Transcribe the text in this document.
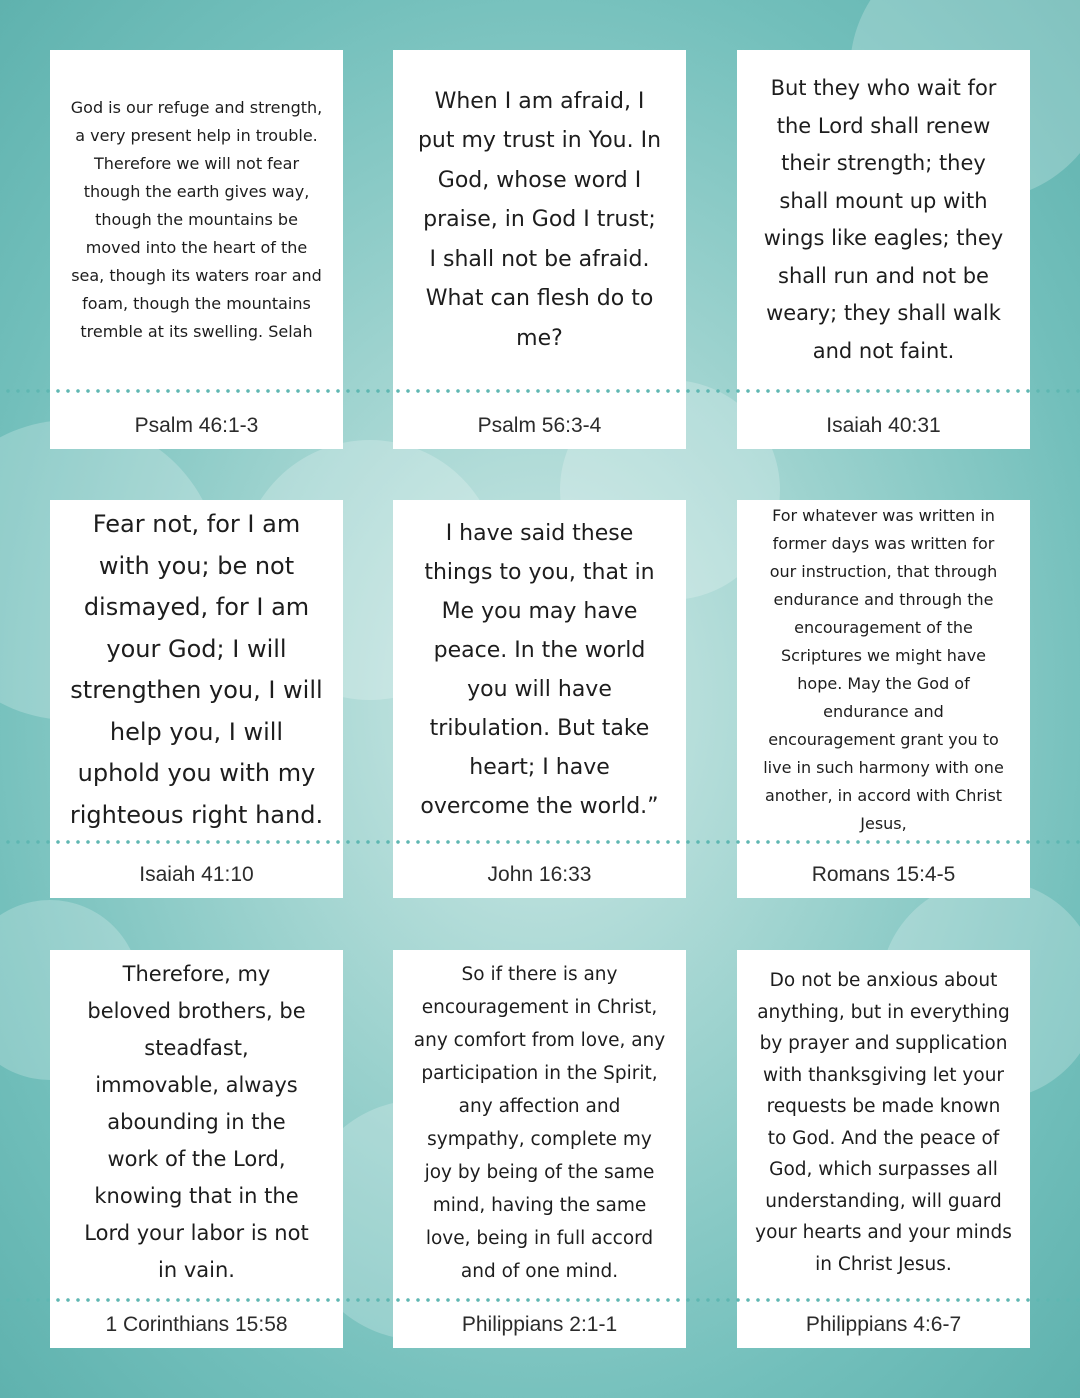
God is our refuge and strength, a very present help in trouble. Therefore we will not fear though the earth gives way, though the mountains be moved into the heart of the sea, though its waters roar and foam, though the mountains tremble at its swelling. Selah
Psalm 46:1-3
When I am afraid, I put my trust in You. In God, whose word I praise, in God I trust; I shall not be afraid. What can flesh do to me?
Psalm 56:3-4
But they who wait for the Lord shall renew their strength; they shall mount up with wings like eagles; they shall run and not be weary; they shall walk and not faint.
Isaiah 40:31
Fear not, for I am with you; be not dismayed, for I am your God; I will strengthen you, I will help you, I will uphold you with my righteous right hand.
Isaiah 41:10
I have said these things to you, that in Me you may have peace. In the world you will have tribulation. But take heart; I have overcome the world.”
John 16:33
For whatever was written in former days was written for our instruction, that through endurance and through the encouragement of the Scriptures we might have hope. May the God of endurance and encouragement grant you to live in such harmony with one another, in accord with Christ Jesus,
Romans 15:4-5
Therefore, my beloved brothers, be steadfast, immovable, always abounding in the work of the Lord, knowing that in the Lord your labor is not in vain.
1 Corinthians 15:58
So if there is any encouragement in Christ, any comfort from love, any participation in the Spirit, any affection and sympathy, complete my joy by being of the same mind, having the same love, being in full accord and of one mind.
Philippians 2:1-1
Do not be anxious about anything, but in everything by prayer and supplication with thanksgiving let your requests be made known to God. And the peace of God, which surpasses all understanding, will guard your hearts and your minds in Christ Jesus.
Philippians 4:6-7
